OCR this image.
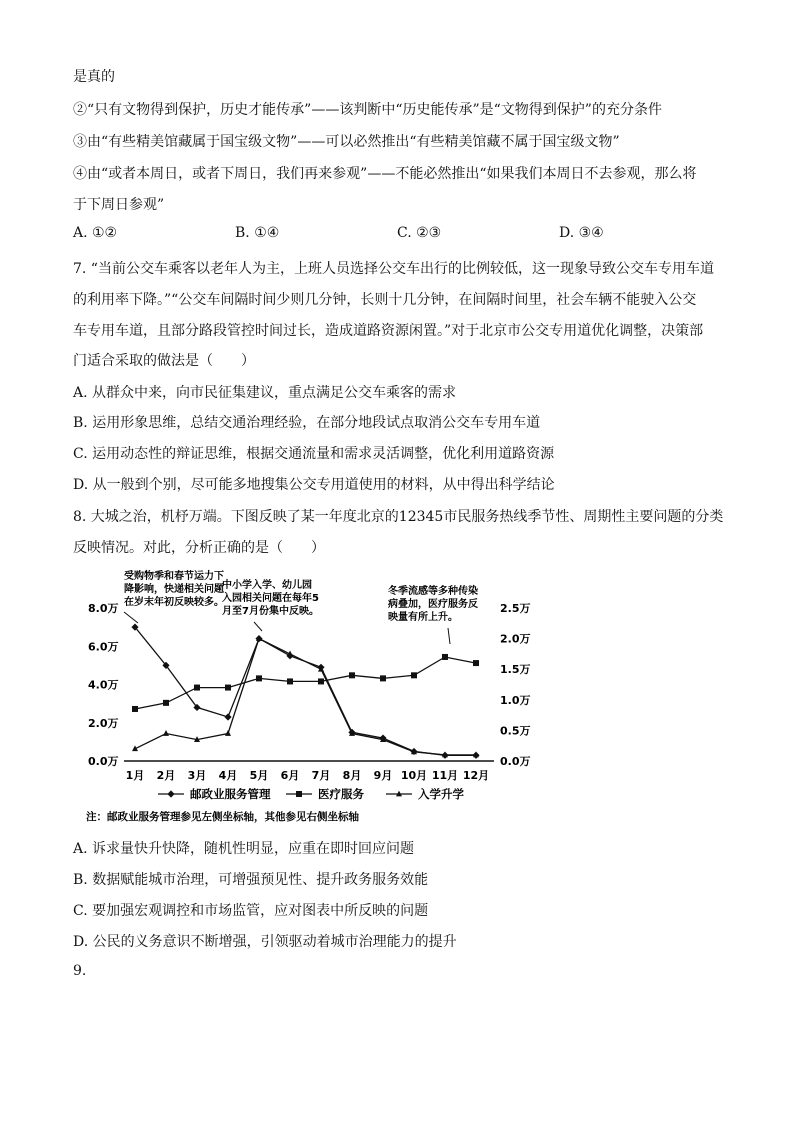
是真的
②“只有文物得到保护，历史才能传承”——该判断中“历史能传承”是“文物得到保护”的充分条件
③由“有些精美馆藏属于国宝级文物”——可以必然推出“有些精美馆藏不属于国宝级文物”
④由“或者本周日，或者下周日，我们再来参观”——不能必然推出“如果我们本周日不去参观，那么将
于下周日参观”
A. ①②	B. ①④	C. ②③	D. ③④
7. “当前公交车乘客以老年人为主，上班人员选择公交车出行的比例较低，这一现象导致公交车专用车道
的利用率下降。”“公交车间隔时间少则几分钟，长则十几分钟，在间隔时间里，社会车辆不能驶入公交
车专用车道，且部分路段管控时间过长，造成道路资源闲置。”对于北京市公交专用道优化调整，决策部
门适合采取的做法是（　　）
A. 从群众中来，向市民征集建议，重点满足公交车乘客的需求
B. 运用形象思维，总结交通治理经验，在部分地段试点取消公交车专用车道
C. 运用动态性的辩证思维，根据交通流量和需求灵活调整，优化利用道路资源
D. 从一般到个别，尽可能多地搜集公交专用道使用的材料，从中得出科学结论
8. 大城之治，机杼万端。下图反映了某一年度北京的12345市民服务热线季节性、周期性主要问题的分类
反映情况。对此，分析正确的是（　　）
8.0万
6.0万
4.0万
2.0万
0.0万
2.5万
2.0万
1.5万
1.0万
0.5万
0.0万
1月 2月 3月 4月 5月 6月 7月 8月 9月 10月 11月 12月
受购物季和春节运力下
降影响，快递相关问题
在岁末年初反映较多。
中小学入学、幼儿园
入园相关问题在每年5
月至7月份集中反映。
冬季流感等多种传染
病叠加，医疗服务反
映量有所上升。
邮政业服务管理	医疗服务	入学升学
注：邮政业服务管理参见左侧坐标轴，其他参见右侧坐标轴
A. 诉求量快升快降，随机性明显，应重在即时回应问题
B. 数据赋能城市治理，可增强预见性、提升政务服务效能
C. 要加强宏观调控和市场监管，应对图表中所反映的问题
D. 公民的义务意识不断增强，引领驱动着城市治理能力的提升
9.
